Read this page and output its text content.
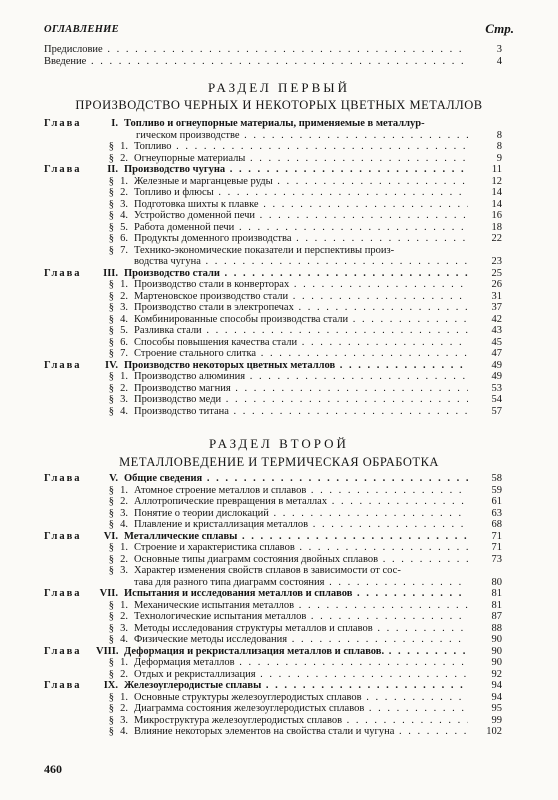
ОГЛАВЛЕНИЕ	Стр.
Предисловие . . .	3
Введение . . .	4
РАЗДЕЛ ПЕРВЫЙ
ПРОИЗВОДСТВО ЧЕРНЫХ И НЕКОТОРЫХ ЦВЕТНЫХ МЕТАЛЛОВ
Глава	I. Топливо и огнеупорные материалы, применяемые в металлур-
гическом производстве . . .	8
§ 1. Топливо . . .	8
§ 2. Огнеупорные материалы . . .	9
Глава	II. Производство чугуна . . .	11
§ 1. Железные и марганцевые руды . . .	12
§ 2. Топливо и флюсы . . .	14
§ 3. Подготовка шихты к плавке . . .	14
§ 4. Устройство доменной печи . . .	16
§ 5. Работа доменной печи . . .	18
§ 6. Продукты доменного производства . . .	22
§ 7. Технико-экономические показатели и перспективы произ-
водства чугуна . . .	23
Глава	III. Производство стали . . .	25
§ 1. Производство стали в конверторах . . .	26
§ 2. Мартеновское производство стали . . .	31
§ 3. Производство стали в электропечах . . .	37
§ 4. Комбинированные способы производства стали . . .	42
§ 5. Разливка стали . . .	43
§ 6. Способы повышения качества стали . . .	45
§ 7. Строение стального слитка . . .	47
Глава	IV. Производство некоторых цветных металлов . . .	49
§ 1. Производство алюминия . . .	49
§ 2. Производство магния . . .	53
§ 3. Производство меди . . .	54
§ 4. Производство титана . . .	57
РАЗДЕЛ ВТОРОЙ
МЕТАЛЛОВЕДЕНИЕ И ТЕРМИЧЕСКАЯ ОБРАБОТКА
Глава	V. Общие сведения . . .	58
§ 1. Атомное строение металлов и сплавов . . .	59
§ 2. Аллотропические превращения в металлах . . .	61
§ 3. Понятие о теории дислокаций . . .	63
§ 4. Плавление и кристаллизация металлов . . .	68
Глава	VI. Металлические сплавы . . .	71
§ 1. Строение и характеристика сплавов . . .	71
§ 2. Основные типы диаграмм состояния двойных сплавов . . .	73
§ 3. Характер изменения свойств сплавов в зависимости от сос-
тава для разного типа диаграмм состояния . . .	80
Глава	VII. Испытания и исследования металлов и сплавов . . .	81
§ 1. Механические испытания металлов . . .	81
§ 2. Технологические испытания металлов . . .	87
§ 3. Методы исследования структуры металлов и сплавов . . .	88
§ 4. Физические методы исследования . . .	90
Глава VIII. Деформация и рекристаллизация металлов и сплавов. . . .	90
§ 1. Деформация металлов . . .	90
§ 2. Отдых и рекристаллизация . . .	92
Глава	IX. Железоуглеродистые сплавы . . .	94
§ 1. Основные структуры железоуглеродистых сплавов . . .	94
§ 2. Диаграмма состояния железоуглеродистых сплавов . . .	95
§ 3. Микроструктура железоуглеродистых сплавов . . .	99
§ 4. Влияние некоторых элементов на свойства стали и чугуна . . .	102
460
